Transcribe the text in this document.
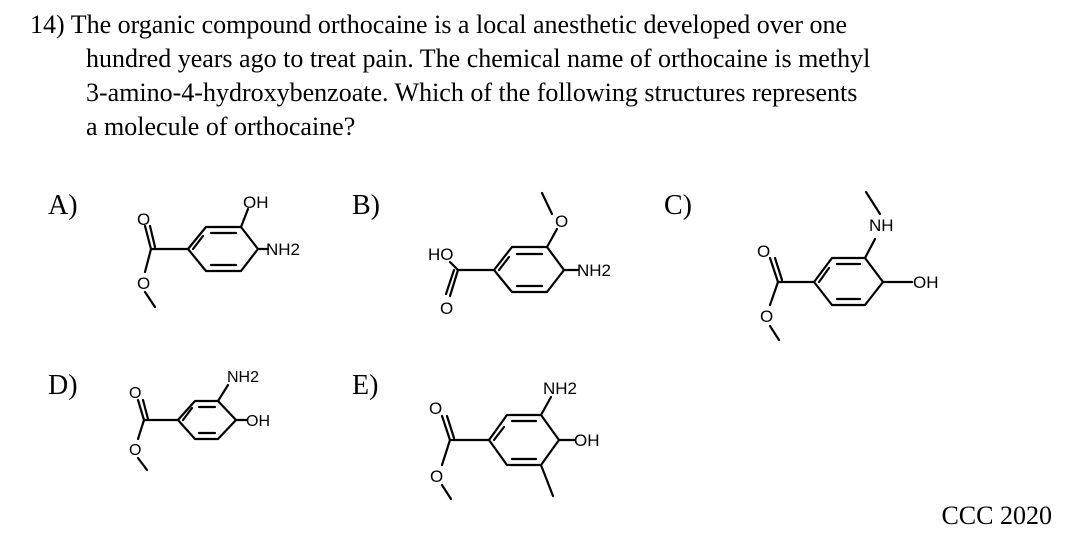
14) The organic compound orthocaine is a local anesthetic developed over one
hundred years ago to treat pain. The chemical name of orthocaine is methyl
3-amino-4-hydroxybenzoate. Which of the following structures represents
a molecule of orthocaine?
A)	B)	C)
D)	E)
O
O
OH
NH2	HO
O
O
NH2
O
O
NH
OH
O
O
NH2
OH
O
O
NH2
OH
CCC 2020
